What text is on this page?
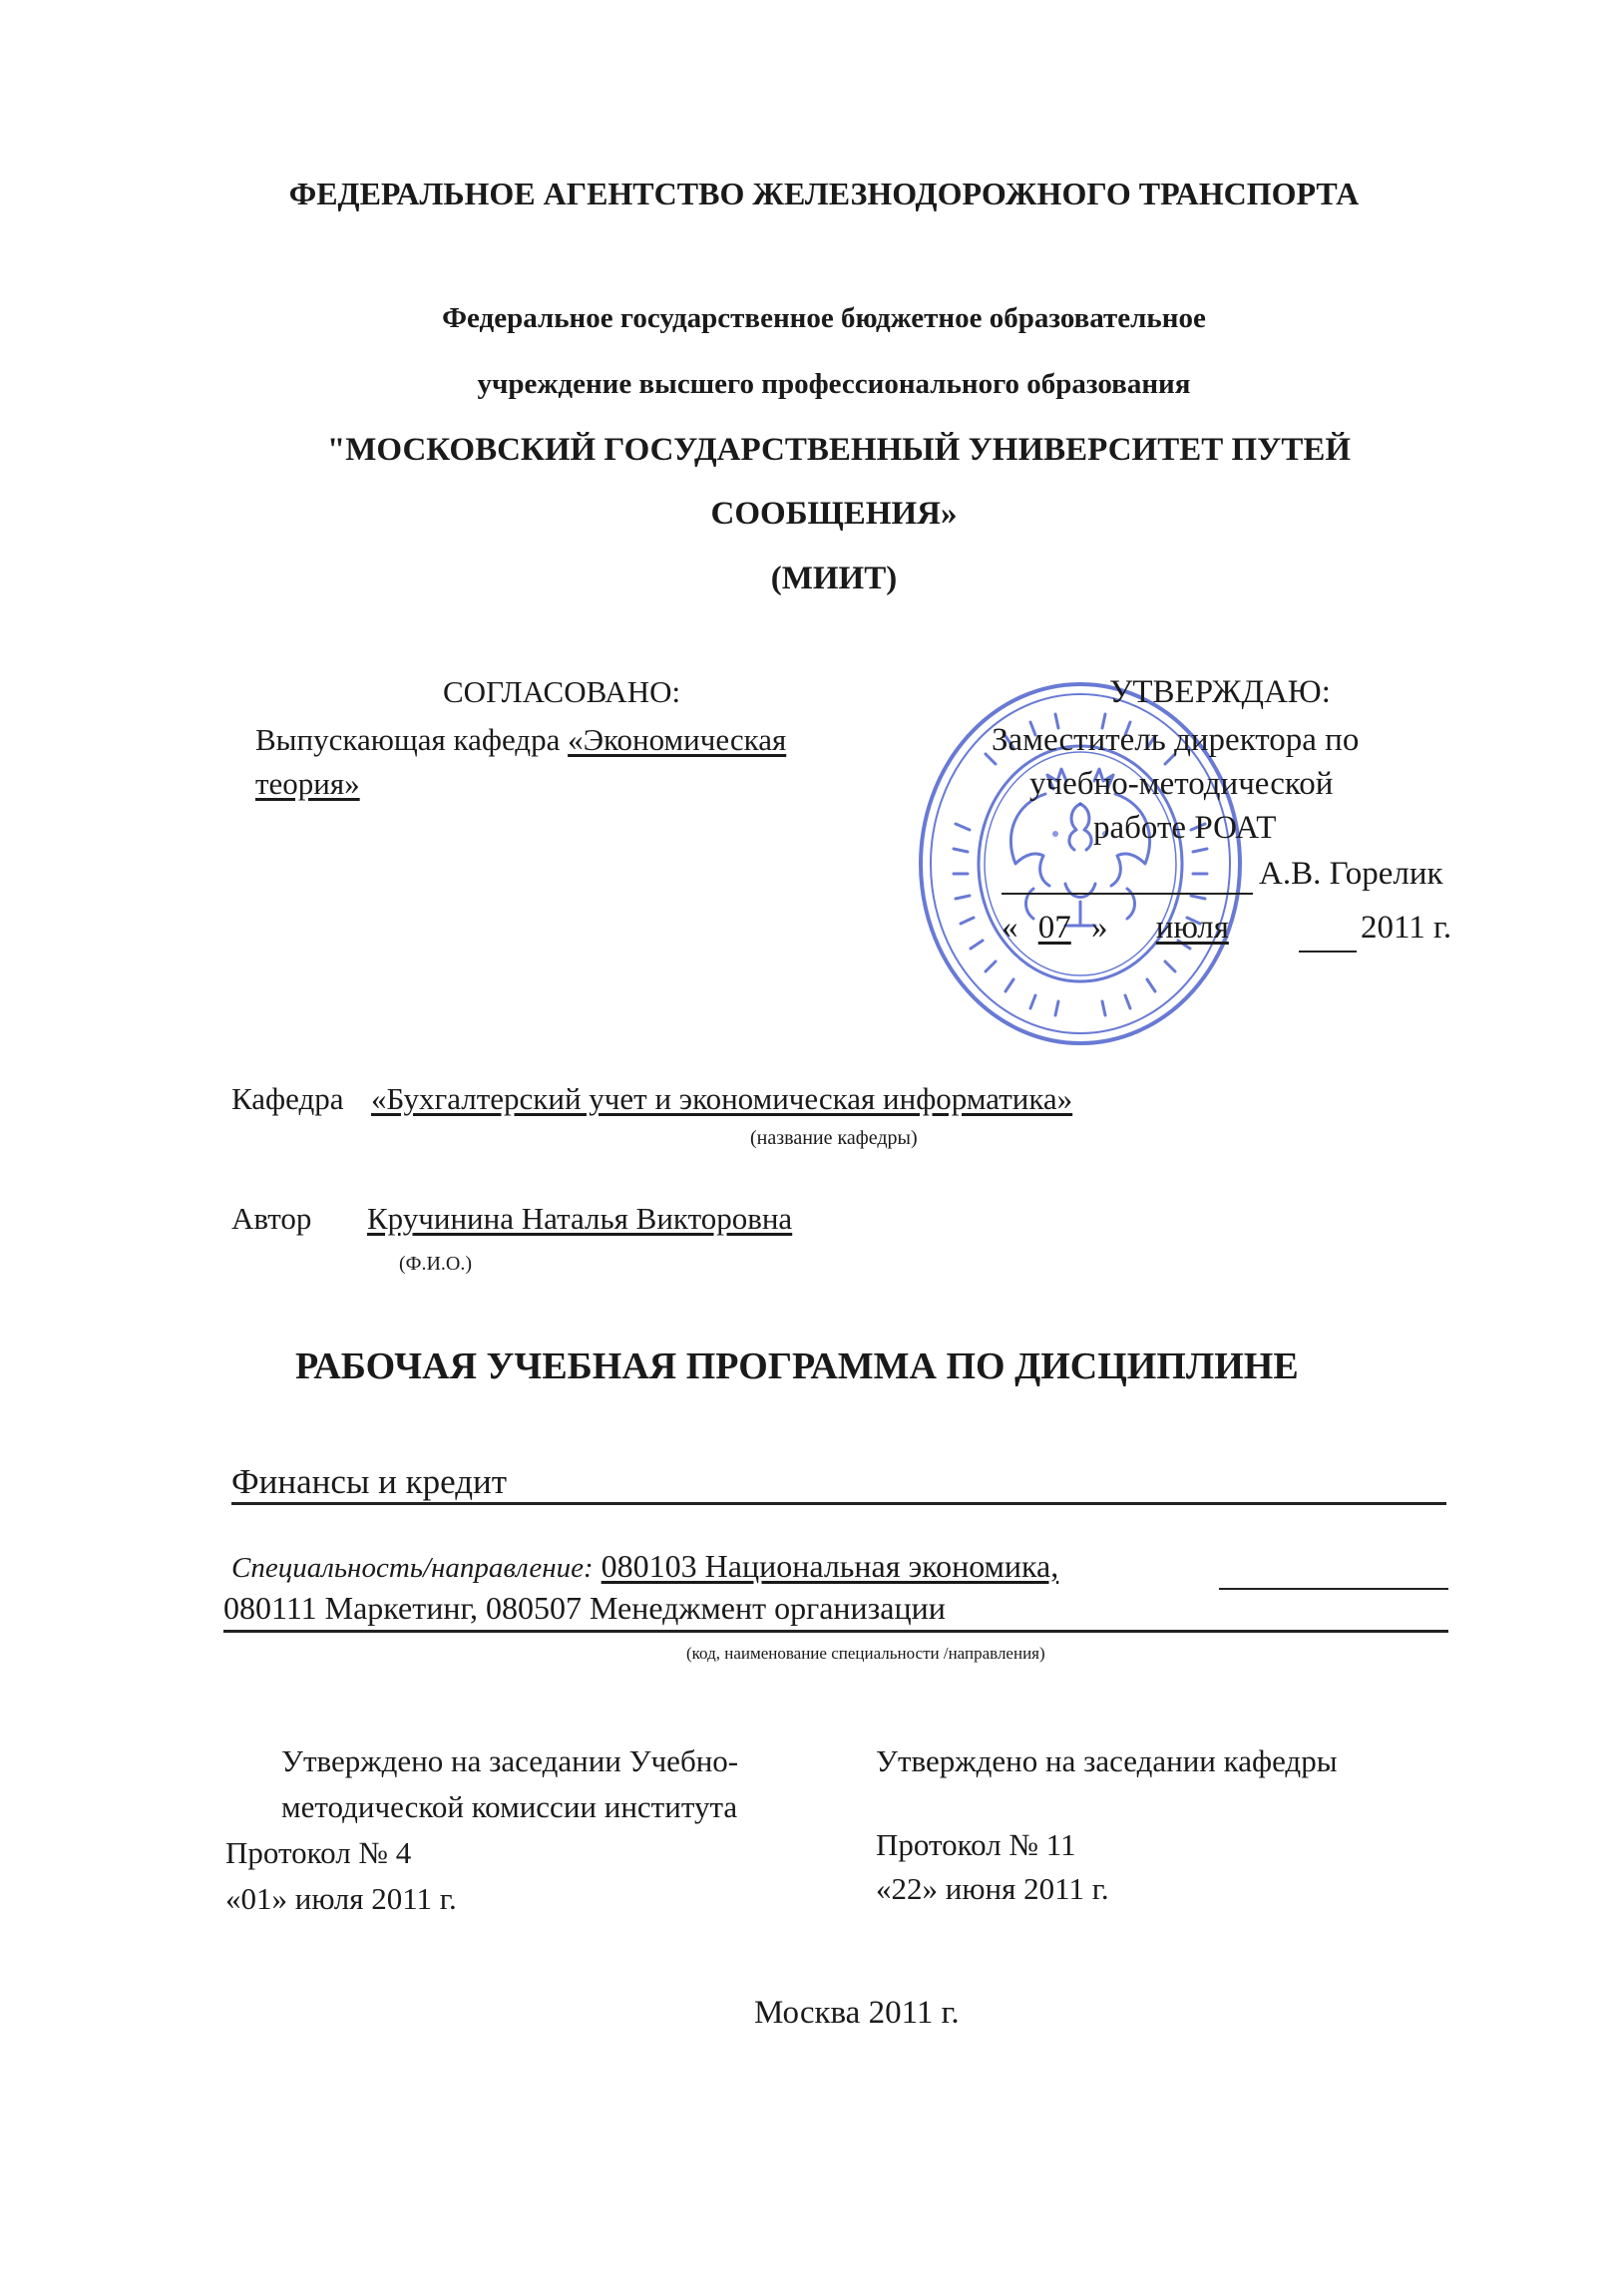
ФЕДЕРАЛЬНОЕ АГЕНТСТВО ЖЕЛЕЗНОДОРОЖНОГО ТРАНСПОРТА
Федеральное государственное бюджетное образовательное
учреждение высшего профессионального образования
"МОСКОВСКИЙ ГОСУДАРСТВЕННЫЙ УНИВЕРСИТЕТ ПУТЕЙ
СООБЩЕНИЯ»
(МИИТ)
СОГЛАСОВАНО:
Выпускающая кафедра «Экономическая
теория»
УТВЕРЖДАЮ:
Заместитель директора по
учебно-методической
работе РОАТ
А.В. Горелик
« 07 » июля	2011 г.
Кафедра «Бухгалтерский учет и экономическая информатика»
(название кафедры)
Автор Кручинина Наталья Викторовна
(Ф.И.О.)
РАБОЧАЯ УЧЕБНАЯ ПРОГРАММА ПО ДИСЦИПЛИНЕ
Финансы и кредит
Специальность/направление: 080103 Национальная экономика,
080111 Маркетинг, 080507 Менеджмент организации
(код, наименование специальности /направления)
Утверждено на заседании Учебно-
методической комиссии института
Протокол № 4
«01» июля 2011 г.
Утверждено на заседании кафедры
Протокол № 11
«22» июня 2011 г.
Москва 2011 г.
